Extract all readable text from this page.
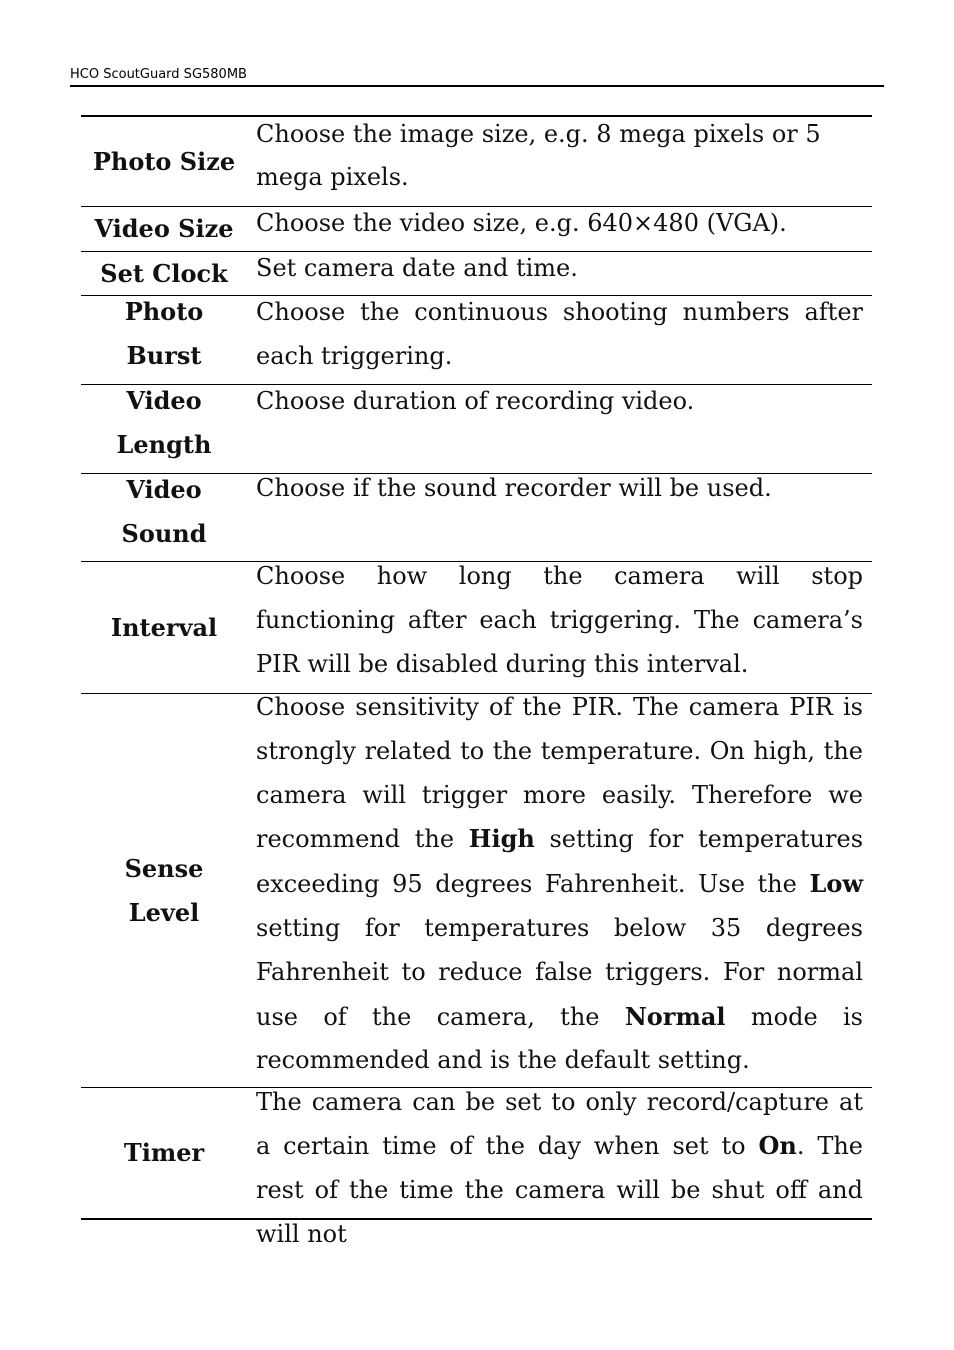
HCO ScoutGuard SG580MB
Photo Size
Choose the image size, e.g. 8 mega pixels or 5 mega pixels.
Video Size Choose the video size, e.g. 640×480 (VGA).
Set Clock	Set camera date and time.
Photo Burst
Choose the continuous shooting numbers after each triggering.
Video Length
Choose duration of recording video.
Video Sound
Choose if the sound recorder will be used.
Interval
Choose how long the camera will stop functioning after each triggering. The camera’s PIR will be disabled during this interval.
Sense Level
Choose sensitivity of the PIR. The camera PIR is strongly related to the temperature. On high, the camera will trigger more easily. Therefore we recommend the High setting for temperatures exceeding 95 degrees Fahrenheit. Use the Low setting for temperatures below 35 degrees Fahrenheit to reduce false triggers. For normal use of the camera, the Normal mode is recommended and is the default setting.
Timer
The camera can be set to only record/capture at a certain time of the day when set to On. The rest of the time the camera will be shut off and will not
